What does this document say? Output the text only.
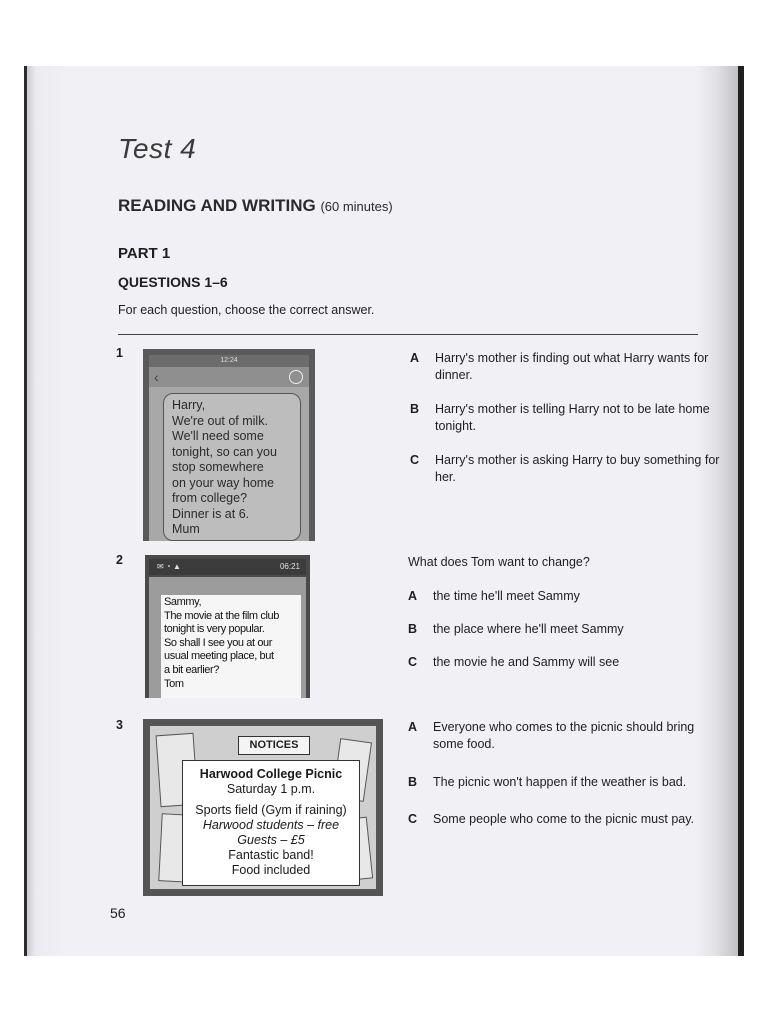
Test 4
READING AND WRITING (60 minutes)
PART 1
QUESTIONS 1–6
For each question, choose the correct answer.
1
12:24
‹
Harry,
We're out of milk.
We'll need some
tonight, so can you
stop somewhere
on your way home
from college?
Dinner is at 6.
Mum
A Harry's mother is finding out what Harry wants for dinner.
B Harry's mother is telling Harry not to be late home tonight.
C Harry's mother is asking Harry to buy something for her.
2	✉ ◔ ▲	06:21
Sammy,
The movie at the film club
tonight is very popular.
So shall I see you at our
usual meeting place, but
a bit earlier?
Tom
What does Tom want to change?
A the time he'll meet Sammy
B the place where he'll meet Sammy
C the movie he and Sammy will see
3
NOTICES
Harwood College Picnic
Saturday 1 p.m.
Sports field (Gym if raining)
Harwood students – free
Guests – £5
Fantastic band!
Food included
A Everyone who comes to the picnic should bring some food.
B The picnic won't happen if the weather is bad.
C Some people who come to the picnic must pay.
56
